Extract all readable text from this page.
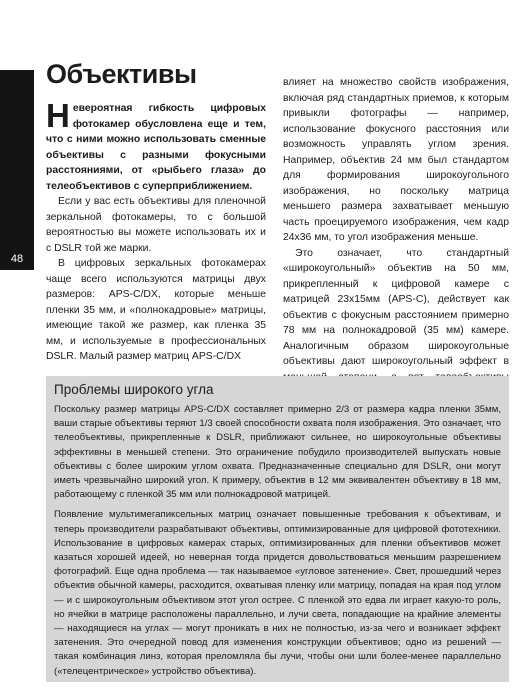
48
Объективы

Невероятная гибкость цифровых фотокамер обусловлена еще и тем, что с ними можно использовать сменные объективы с разными фокусными расстояниями, от «рыбьего глаза» до телеобъективов с суперприближением.

Если у вас есть объективы для пленочной зеркальной фотокамеры, то с большой вероятностью вы можете использовать их и с DSLR той же марки.

В цифровых зеркальных фотокамерах чаще всего используются матрицы двух размеров: APS-C/DX, которые меньше пленки 35 мм, и «полнокадровые» матрицы, имеющие такой же размер, как пленка 35 мм, и используемые в профессиональных DSLR. Малый размер матриц APS-C/DX

влияет на множество свойств изображения, включая ряд стандартных приемов, к которым привыкли фотографы — например, использование фокусного расстояния или возможность управлять углом зрения. Например, объектив 24 мм был стандартом для формирования широкоугольного изображения, но поскольку матрица меньшего размера захватывает меньшую часть проецируемого изображения, чем кадр 24х36 мм, то угол изображения меньше.

Это означает, что стандартный «широкоугольный» объектив на 50 мм, прикрепленный к цифровой камере с матрицей 23х15мм (APS-C), действует как объектив с фокусным расстоянием примерно 78 мм на полнокадровой (35 мм) камере. Аналогичным образом широкоугольные объективы дают широкоугольный эффект в

Проблемы широкого угла

Поскольку размер матрицы APS-C/DX составляет примерно 2/3 от размера кадра пленки 35мм, ваши старые объективы теряют 1/3 своей способности охвата поля изображения. Это означает, что телеобъективы, прикрепленные к DSLR, приближают сильнее, но широкоугольные объективы эффективны в меньшей степени. Это ограничение побудило производителей выпускать новые объективы с более широким углом охвата. Предназначенные специально для DSLR, они могут иметь чрезвычайно широкий угол. К примеру, объектив в 12 мм эквивалентен объективу в 18 мм, работающему с пленкой 35 мм или полнокадровой матрицей.

Появление мультимегапиксельных матриц означает повышенные требования к объективам, и теперь производители разрабатывают объективы, оптимизированные для цифровой фототехники. Использование в цифровых камерах старых, оптимизированных для пленки объективов может казаться хорошей идеей, но неверная тогда придется довольствоваться меньшим разрешением фотографий. Еще одна проблема — так называемое «угловое затенение». Свет, прошедший через объектив обычной камеры, расходится, охватывая пленку или матрицу, попадая на края под углом — и с широкоугольным объективом этот угол острее. С пленкой это едва ли играет какую-то роль, но ячейки в матрице расположены параллельно, и лучи света, попадающие на крайние элементы — находящиеся на углах — могут проникать в них не полностью, из-за чего и возникает эффект затенения. Это очередной повод для изменения конструкции объективов; одно из решений — такая комбинация линз, которая преломляла бы лучи, чтобы они шли более-менее параллельно («телецентрическое» устройство объектива).
